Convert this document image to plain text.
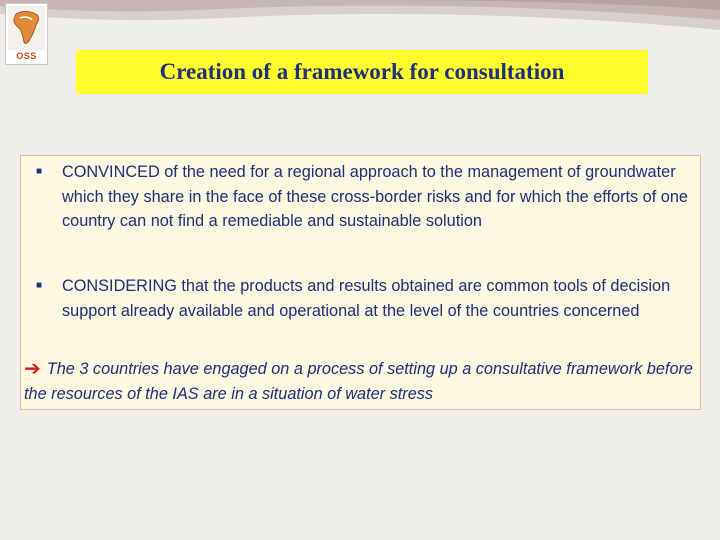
OSS
Creation of a framework for consultation
■	CONVINCED of the need for a regional approach to the management of groundwater which they share in the face of these cross-border risks and for which the efforts of one country can not find a remediable and sustainable solution
■	CONSIDERING that the products and results obtained are common tools of decision support already available and operational at the level of the countries concerned
➔ The 3 countries have engaged on a process of setting up a consultative framework before the resources of the IAS are in a situation of water stress
